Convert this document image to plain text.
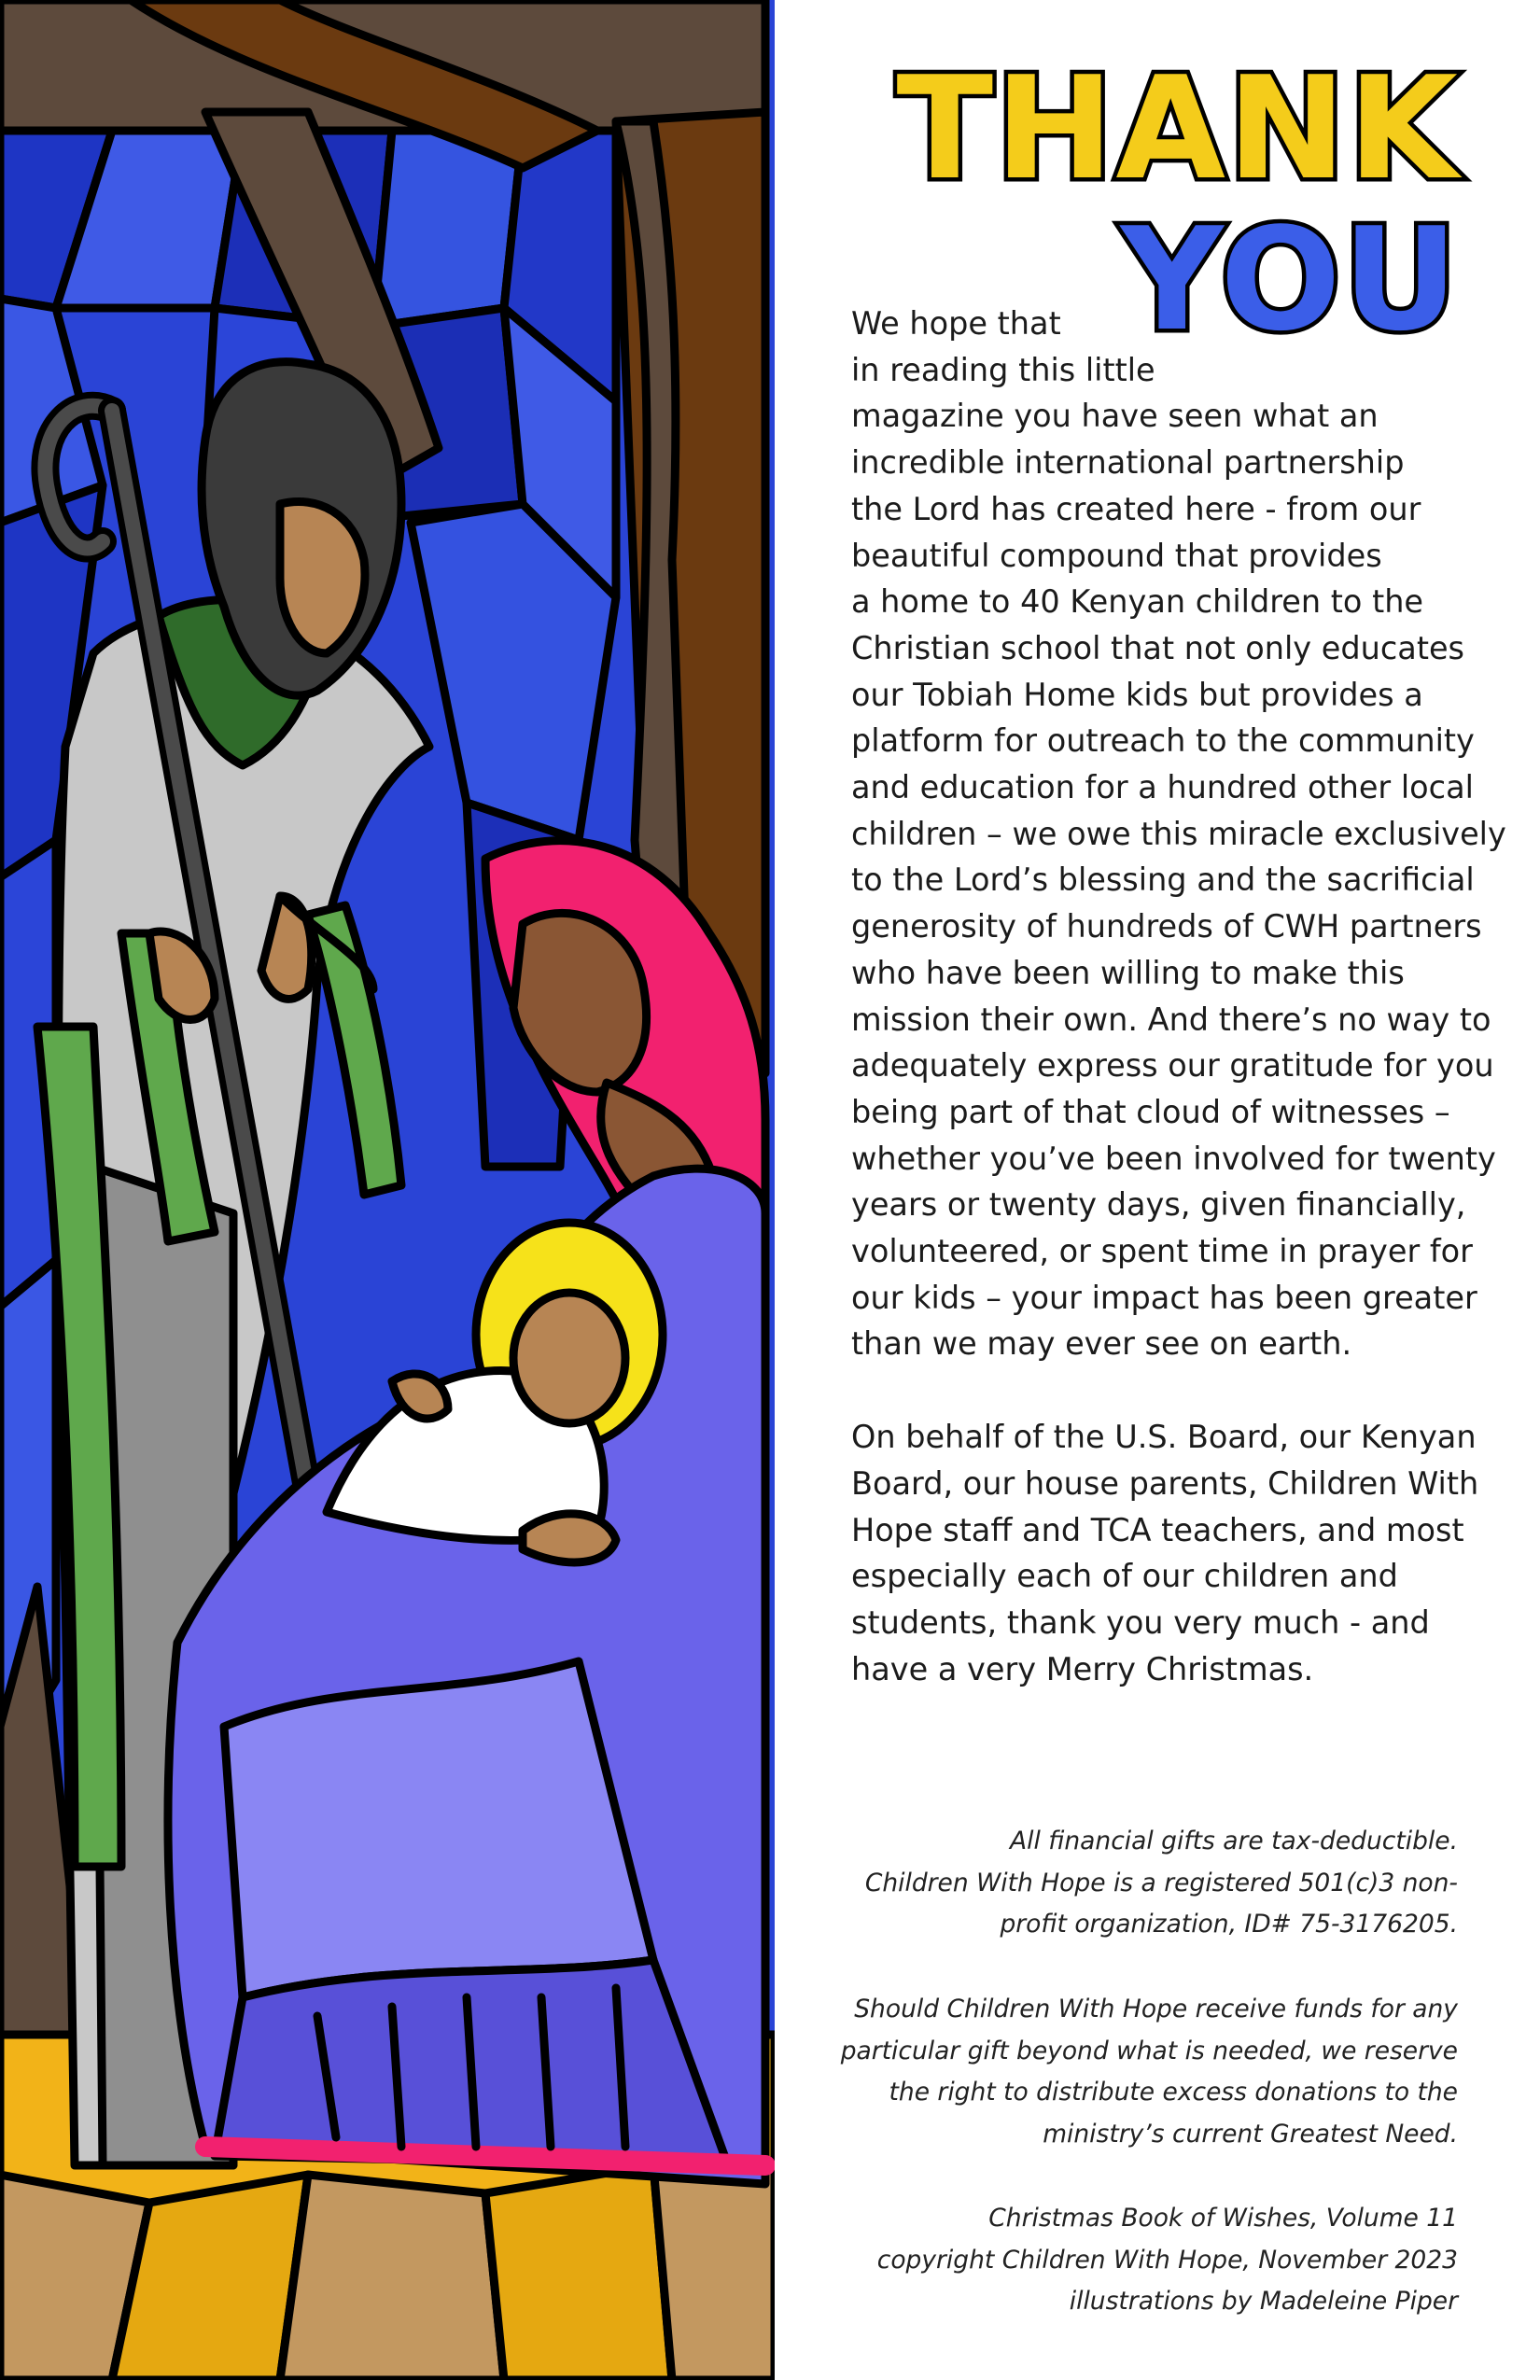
THANK
YOU

We hope that
in reading this little
magazine you have seen what an
incredible international partnership
the Lord has created here - from our
beautiful compound that provides
a home to 40 Kenyan children to the
Christian school that not only educates
our Tobiah Home kids but provides a
platform for outreach to the community
and education for a hundred other local
children – we owe this miracle exclusively
to the Lord’s blessing and the sacrificial
generosity of hundreds of CWH partners
who have been willing to make this
mission their own. And there’s no way to
adequately express our gratitude for you
being part of that cloud of witnesses –
whether you’ve been involved for twenty
years or twenty days, given financially,
volunteered, or spent time in prayer for
our kids – your impact has been greater
than we may ever see on earth.

On behalf of the U.S. Board, our Kenyan
Board, our house parents, Children With
Hope staff and TCA teachers, and most
especially each of our children and
students, thank you very much - and
have a very Merry Christmas.

All financial gifts are tax-deductible.
Children With Hope is a registered 501(c)3 non-
profit organization, ID# 75-3176205.
Should Children With Hope receive funds for any
particular gift beyond what is needed, we reserve
the right to distribute excess donations to the
ministry’s current Greatest Need.
Christmas Book of Wishes, Volume 11
copyright Children With Hope, November 2023
illustrations by Madeleine Piper
